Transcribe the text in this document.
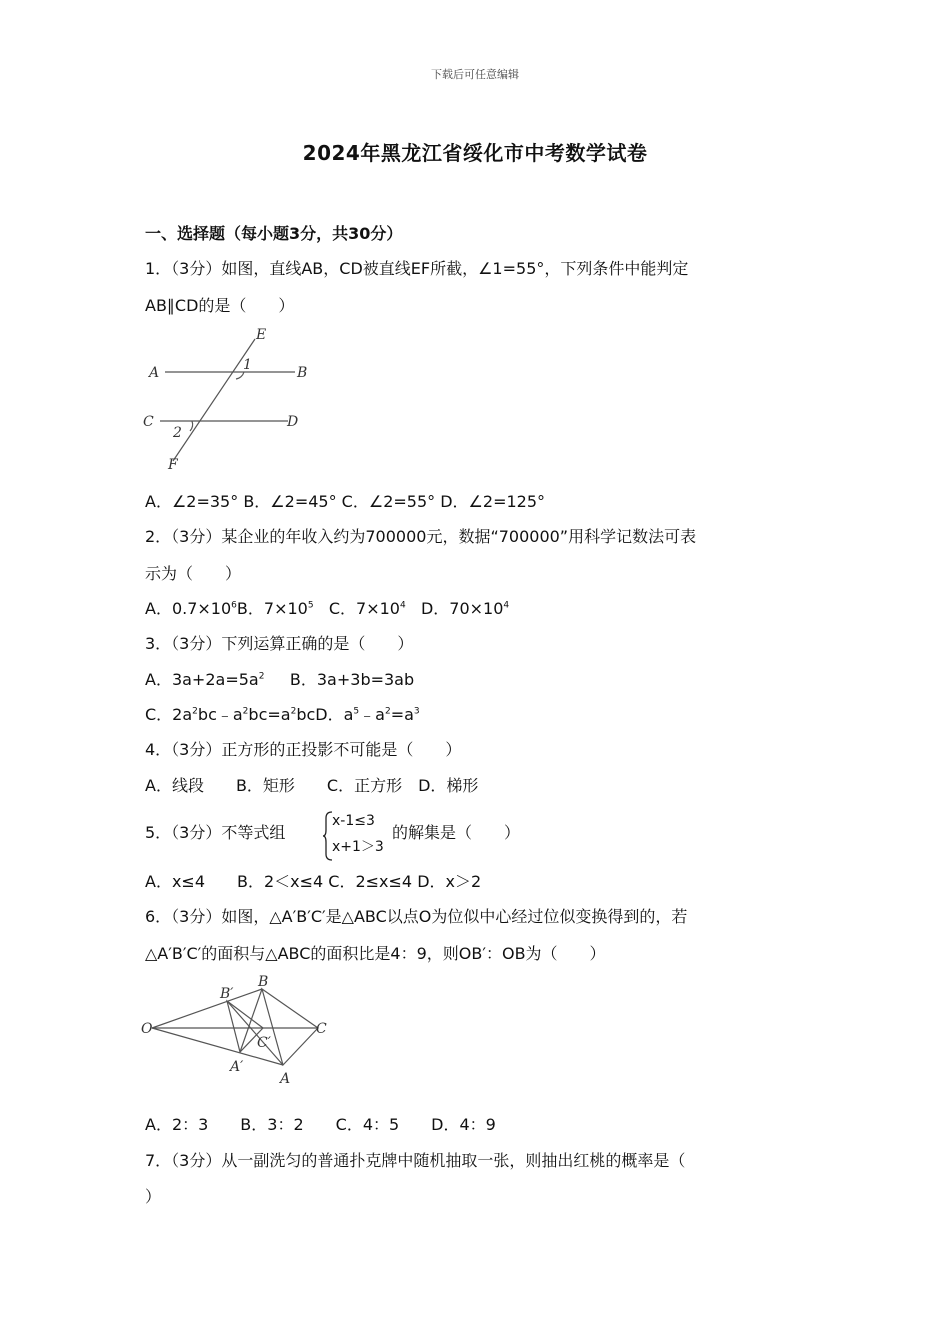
下载后可任意编辑
2024年黑龙江省绥化市中考数学试卷
一、选择题（每小题3分，共30分）
1．（3分）如图，直线AB，CD被直线EF所截，∠1=55°，下列条件中能判定
AB∥CD的是（　　）
A	B
C	D
E
F
1
2
A．∠2=35° B．∠2=45° C．∠2=55° D．∠2=125°
2．（3分）某企业的年收入约为700000元，数据“700000”用科学记数法可表
示为（　　）
A．$0.7\times 10^6B$．$7\times 10^5$ C．$7\times 10^4$ D．$70\times 10^4$
3．（3分）下列运算正确的是（　　）
A．$3a+2a=5a^2$ B．3a+3b=3ab
C．$2a^2bc﹣a^2bc=a^2bcD$．$a^5﹣a^2=a^3$
4．（3分）正方形的正投影不可能是（　　）
A．线段　　B．矩形　　C．正方形　D．梯形
5．（3分）不等式组
x-1≤3
x+1＞3
的解集是（　　）
A．x≤4　　B．2＜x≤4 C．2≤x≤4 D．x＞2
6．（3分）如图，△A′B′C′是△ABC以点O为位似中心经过位似变换得到的，若
△A′B′C′的面积与△ABC的面积比是4：9，则OB′：OB为（　　）
O
B
B′
C
C′
A′
A
A．2：3　　B．3：2　　C．4：5　　D．4：9
7．（3分）从一副洗匀的普通扑克牌中随机抽取一张，则抽出红桃的概率是（
）
